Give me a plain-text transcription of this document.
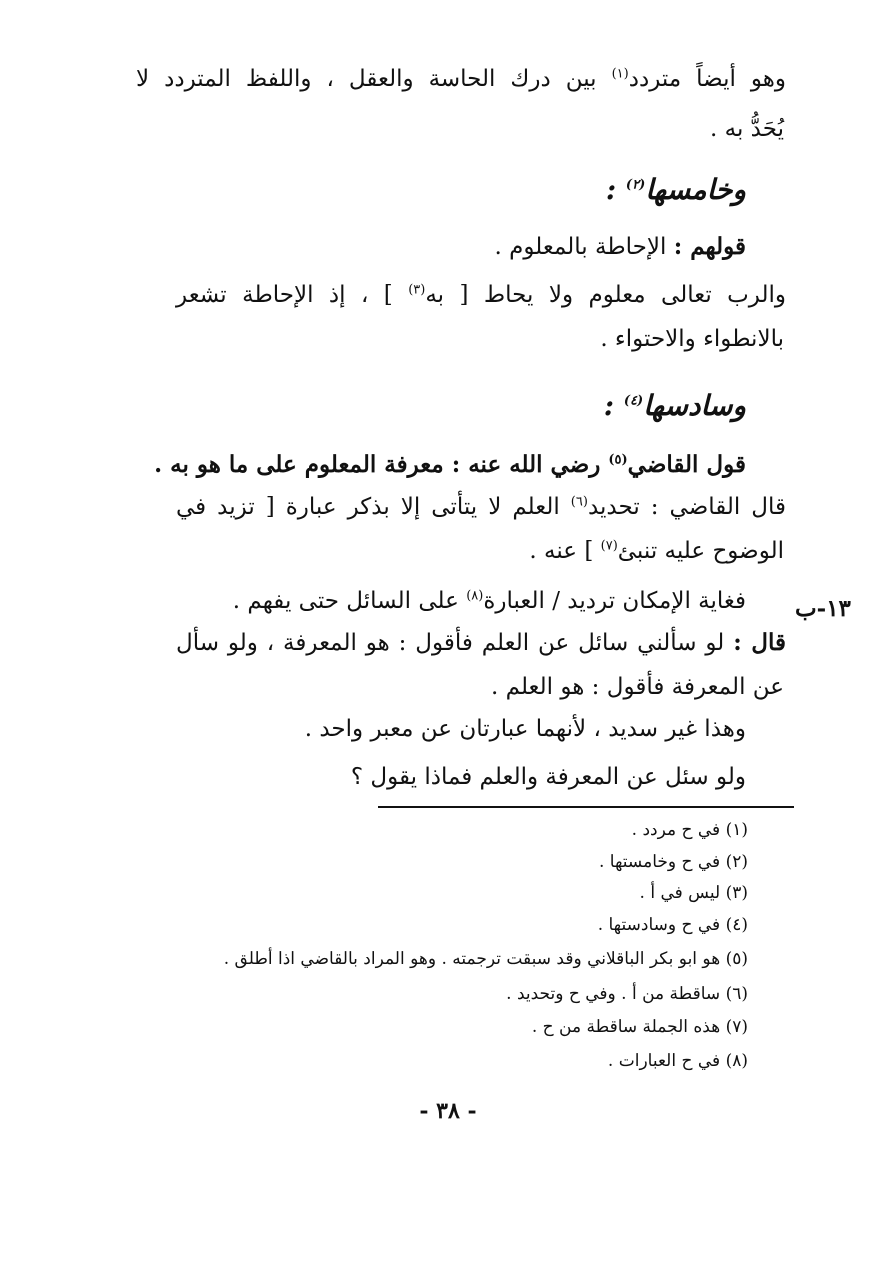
وهو أيضاً متردد$^{(١)}$ بين درك الحاسة والعقل ، واللفظ المتردد لا
يُحَدُّ به .
وخامسها$^{(٢)}$ :
قولهم : الإحاطة بالمعلوم .
والرب تعالى معلوم ولا يحاط [ به$^{(٣)}$ ] ، إذ الإحاطة تشعر
بالانطواء والاحتواء .
وسادسها$^{(٤)}$ :
قول القاضي$^{(٥)}$ رضي الله عنه : معرفة المعلوم على ما هو به .
قال القاضي : تحديد$^{(٦)}$ العلم لا يتأتى إلا بذكر عبارة [ تزيد في
الوضوح عليه تنبئ$^{(٧)}$ ] عنه .
١٣-ب
فغاية الإمكان ترديد / العبارة$^{(٨)}$ على السائل حتى يفهم .
قال : لو سألني سائل عن العلم فأقول : هو المعرفة ، ولو سأل
عن المعرفة فأقول : هو العلم .
وهذا غير سديد ، لأنهما عبارتان عن معبر واحد .
ولو سئل عن المعرفة والعلم فماذا يقول ؟
(١) في ح مردد .
(٢) في ح وخامستها .
(٣) ليس في أ .
(٤) في ح وسادستها .
(٥) هو ابو بكر الباقلاني وقد سبقت ترجمته . وهو المراد بالقاضي اذا أطلق .
(٦) ساقطة من أ . وفي ح وتحديد .
(٧) هذه الجملة ساقطة من ح .
(٨) في ح العبارات .
- ٣٨ -
